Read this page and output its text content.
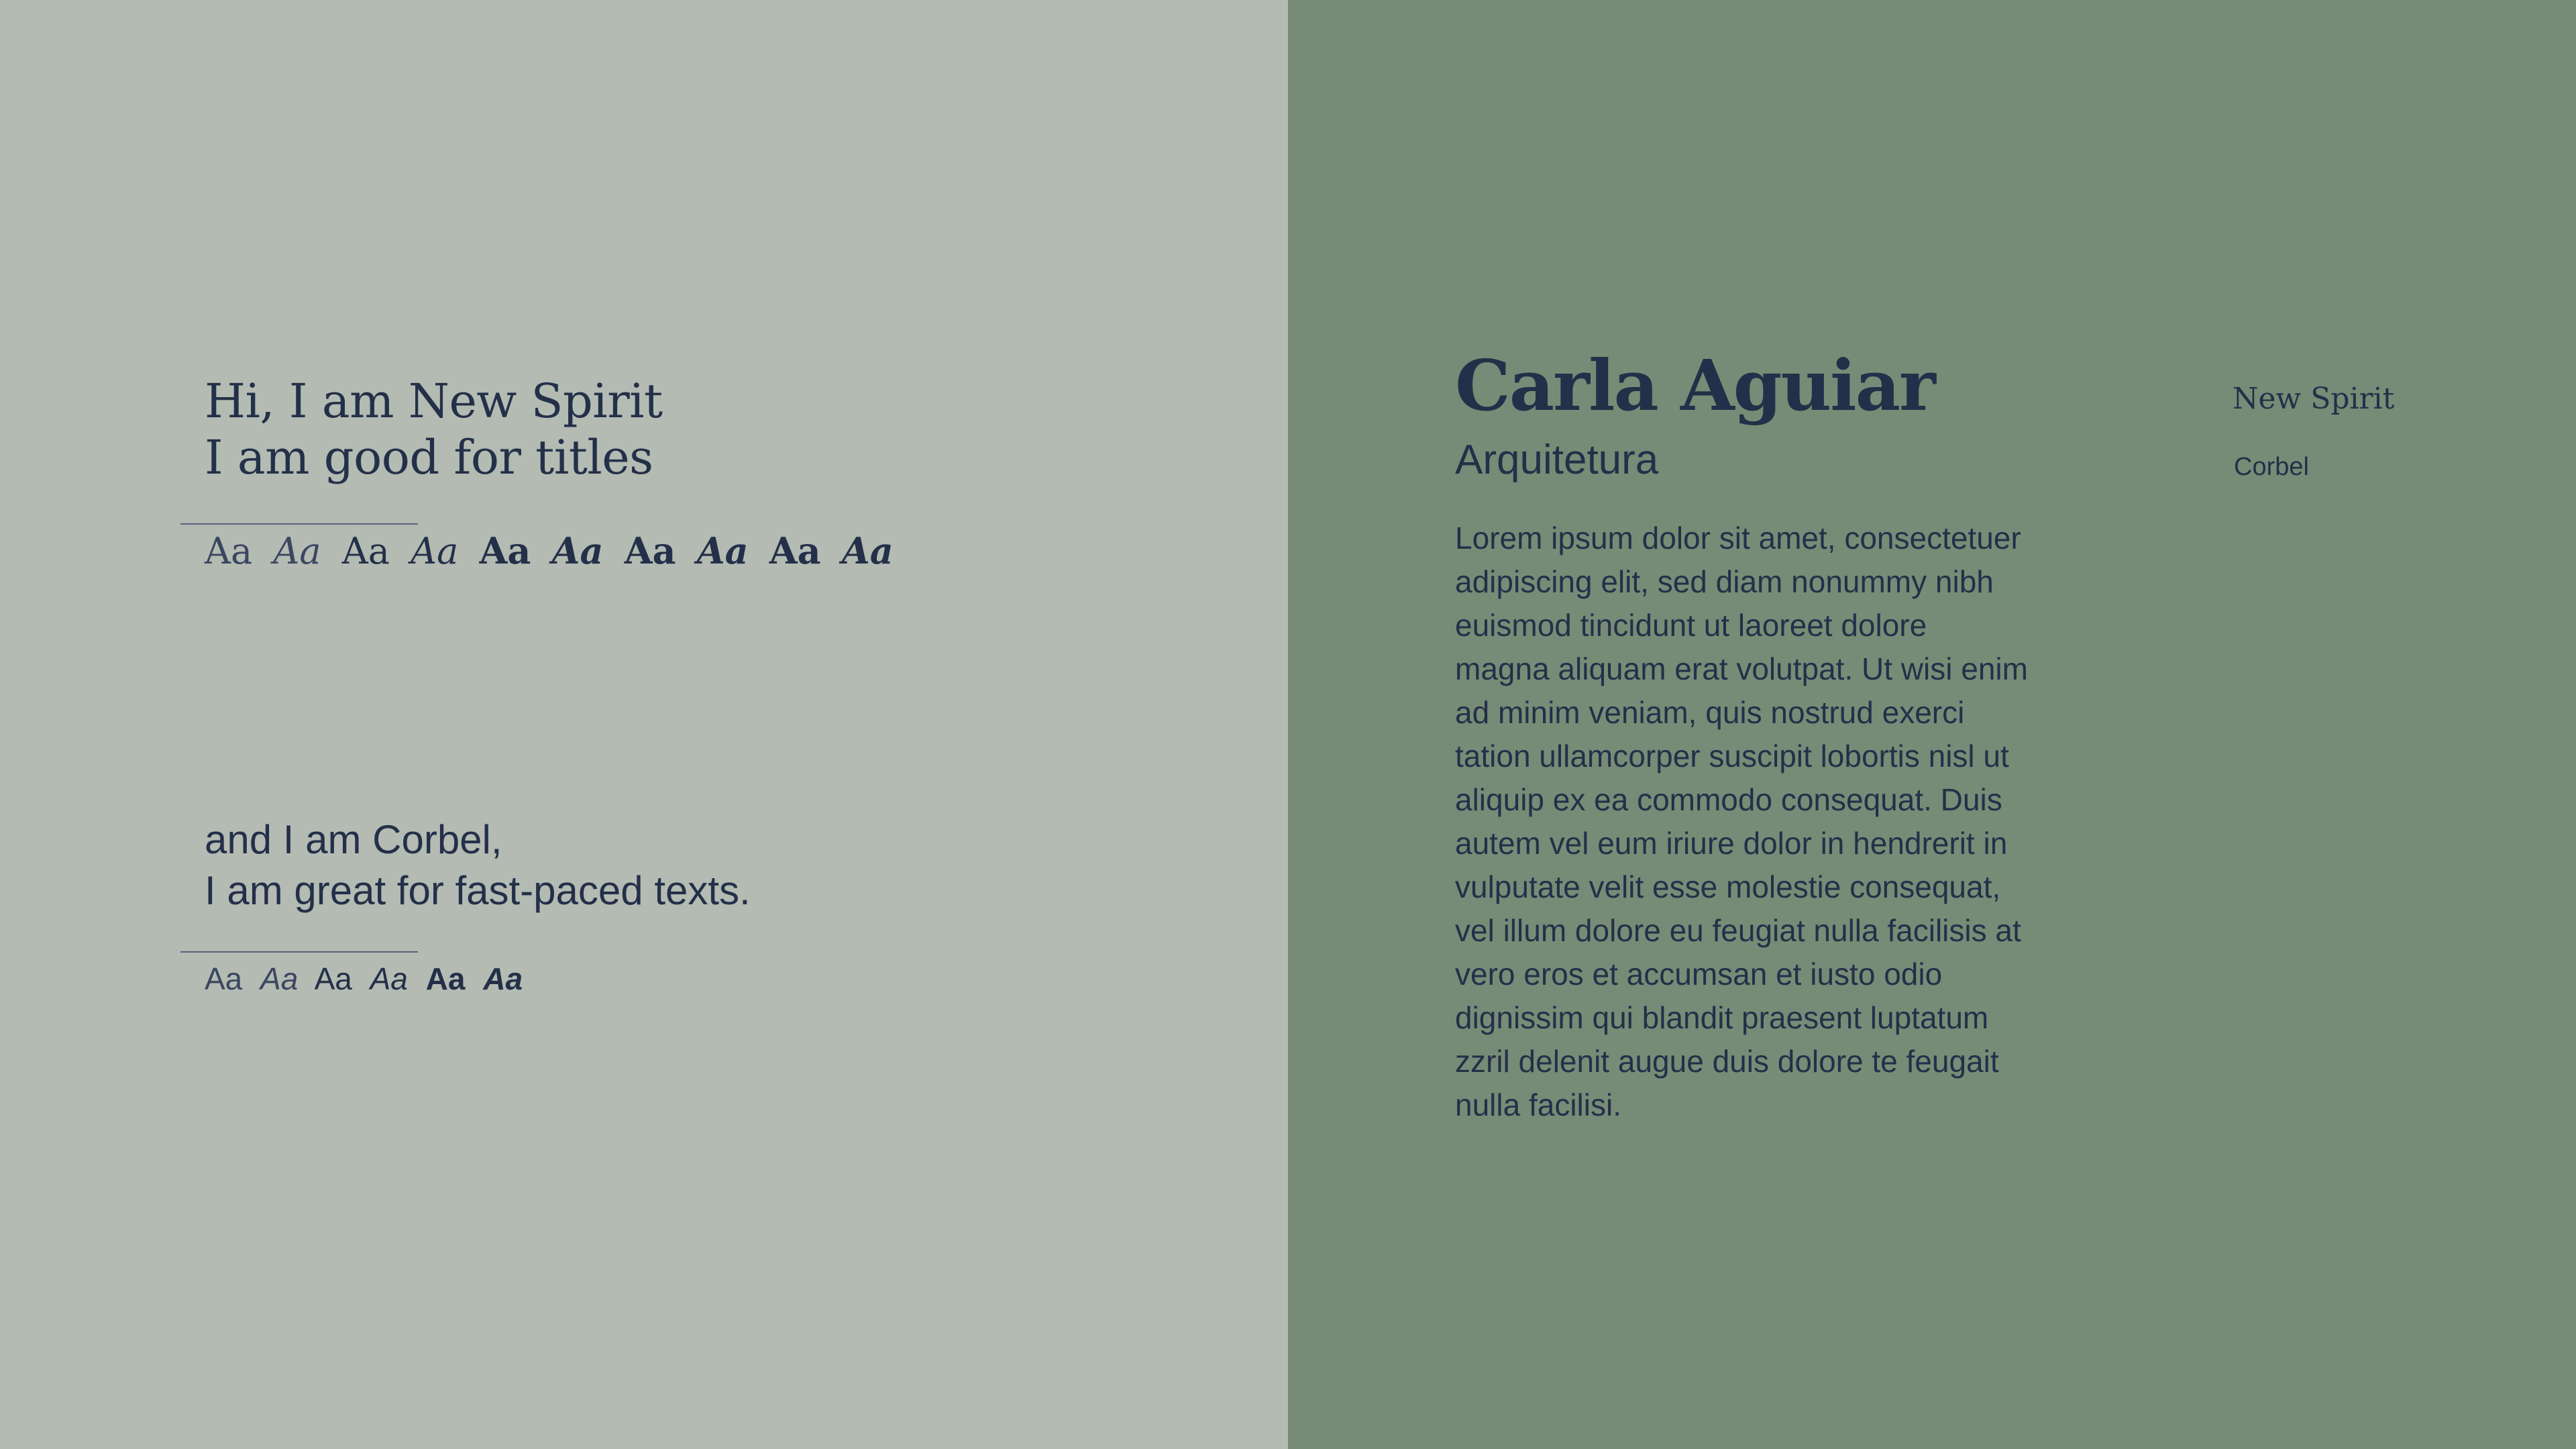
Hi, I am New Spirit
I am good for titles

Aa Aa Aa Aa Aa Aa Aa Aa Aa Aa

and I am Corbel,
I am great for fast-paced texts.

Aa Aa Aa Aa Aa Aa
Carla Aguiar
Arquitetura

Lorem ipsum dolor sit amet, consectetuer
adipiscing elit, sed diam nonummy nibh
euismod tincidunt ut laoreet dolore
magna aliquam erat volutpat. Ut wisi enim
ad minim veniam, quis nostrud exerci
tation ullamcorper suscipit lobortis nisl ut
aliquip ex ea commodo consequat. Duis
autem vel eum iriure dolor in hendrerit in
vulputate velit esse molestie consequat,
vel illum dolore eu feugiat nulla facilisis at
vero eros et accumsan et iusto odio
dignissim qui blandit praesent luptatum
zzril delenit augue duis dolore te feugait
nulla facilisi.

New Spirit
Corbel
